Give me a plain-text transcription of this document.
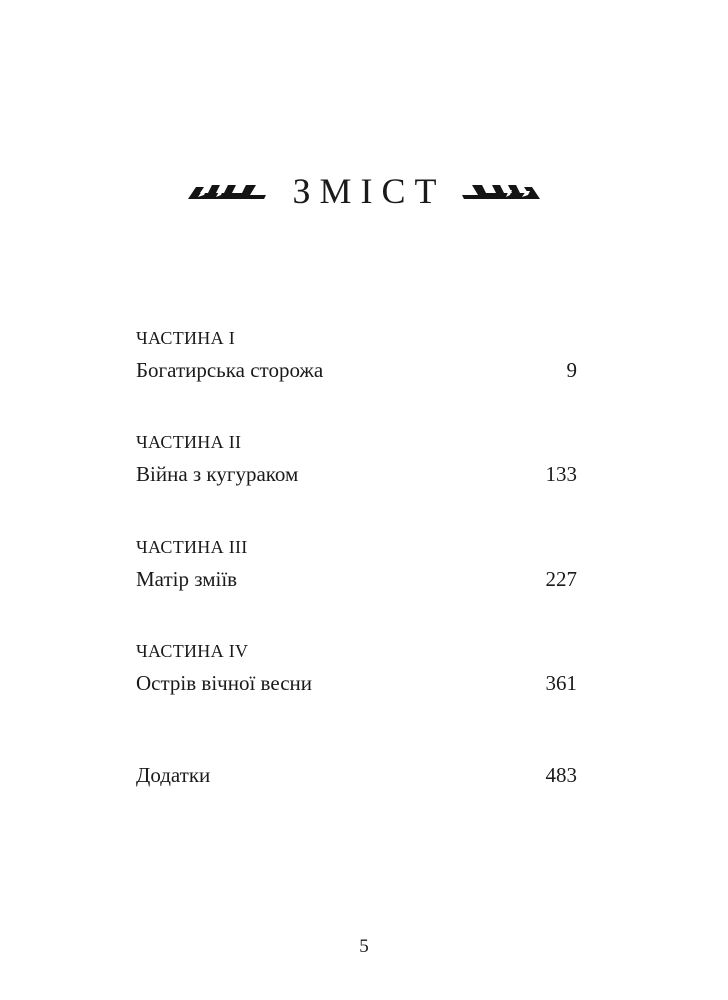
ЗМІСТ
ЧАСТИНА I
Богатирська сторожа	9
ЧАСТИНА II
Війна з кугураком	133
ЧАСТИНА III
Матір зміїв	227
ЧАСТИНА IV
Острів вічної весни	361
Додатки	483
5
